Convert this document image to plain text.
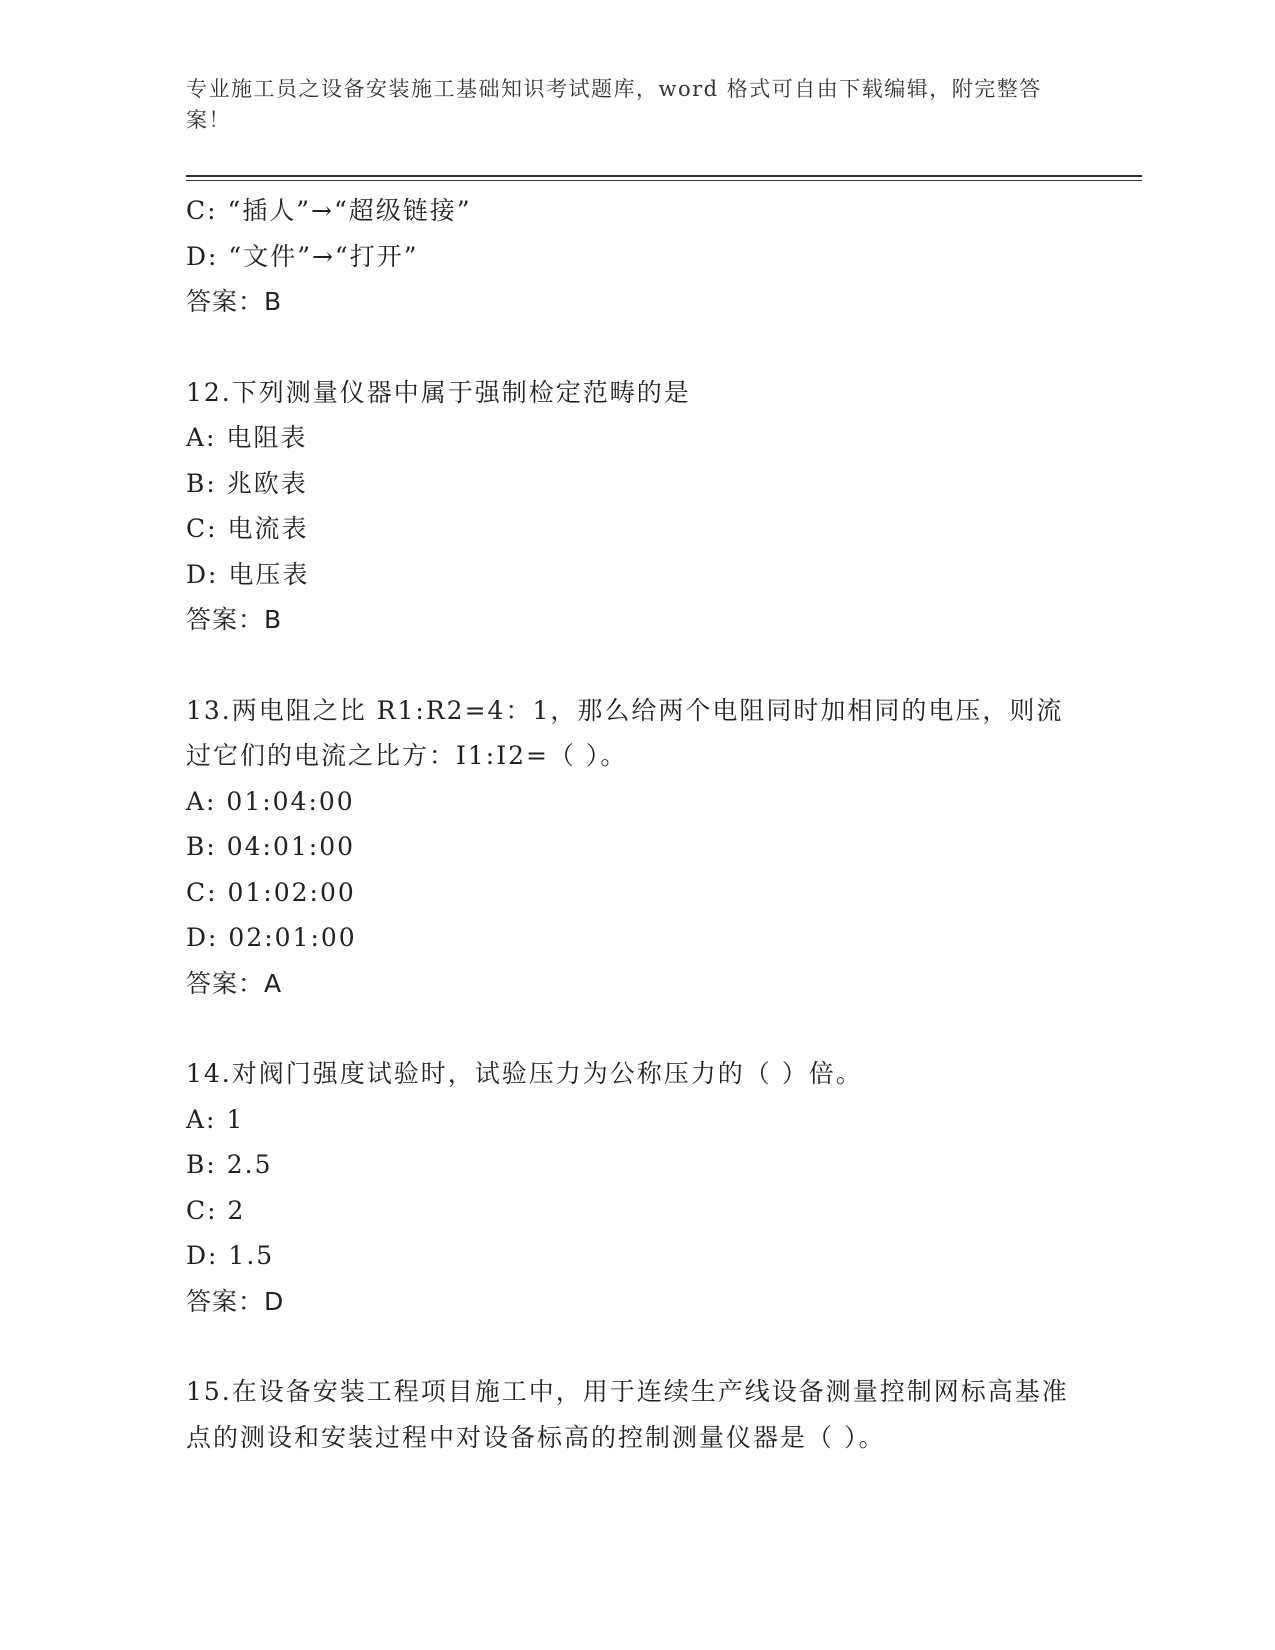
专业施工员之设备安装施工基础知识考试题库，word 格式可自由下载编辑，附完整答案！
C: “插人”→“超级链接”
D: “文件”→“打开”
答案：B
12.下列测量仪器中属于强制检定范畴的是
A: 电阻表
B: 兆欧表
C: 电流表
D: 电压表
答案：B
13.两电阻之比 R1:R2=4：1，那么给两个电阻同时加相同的电压，则流过它们的电流之比方：I1:I2=（ ）。
A: 01:04:00
B: 04:01:00
C: 01:02:00
D: 02:01:00
答案：A
14.对阀门强度试验时，试验压力为公称压力的（ ）倍。
A: 1
B: 2.5
C: 2
D: 1.5
答案：D
15.在设备安装工程项目施工中，用于连续生产线设备测量控制网标高基准点的测设和安装过程中对设备标高的控制测量仪器是（ ）。
